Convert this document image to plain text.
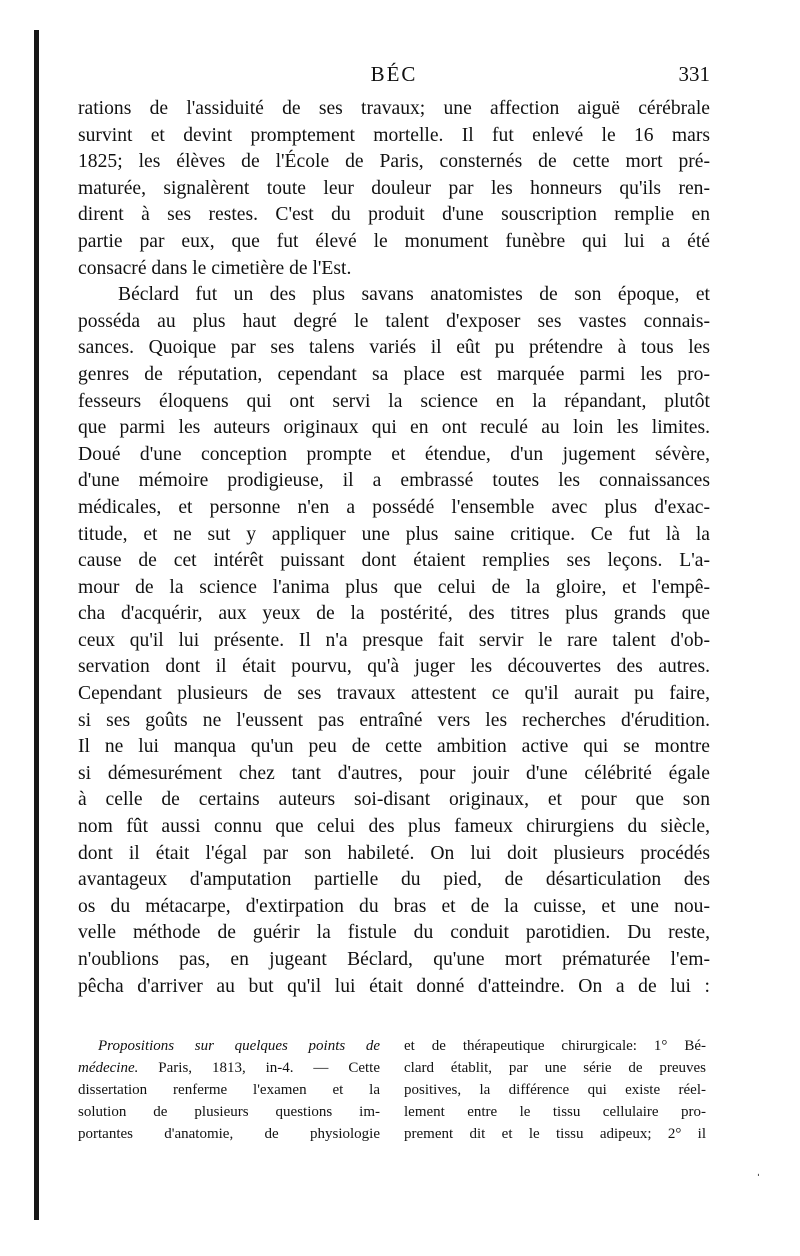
BÉC	331
rations de l'assiduité de ses travaux; une affection aiguë cérébrale
survint et devint promptement mortelle. Il fut enlevé le 16 mars
1825; les élèves de l'École de Paris, consternés de cette mort pré-
maturée, signalèrent toute leur douleur par les honneurs qu'ils ren-
dirent à ses restes. C'est du produit d'une souscription remplie en
partie par eux, que fut élevé le monument funèbre qui lui a été
consacré dans le cimetière de l'Est.
Béclard fut un des plus savans anatomistes de son époque, et
posséda au plus haut degré le talent d'exposer ses vastes connais-
sances. Quoique par ses talens variés il eût pu prétendre à tous les
genres de réputation, cependant sa place est marquée parmi les pro-
fesseurs éloquens qui ont servi la science en la répandant, plutôt
que parmi les auteurs originaux qui en ont reculé au loin les limites.
Doué d'une conception prompte et étendue, d'un jugement sévère,
d'une mémoire prodigieuse, il a embrassé toutes les connaissances
médicales, et personne n'en a possédé l'ensemble avec plus d'exac-
titude, et ne sut y appliquer une plus saine critique. Ce fut là la
cause de cet intérêt puissant dont étaient remplies ses leçons. L'a-
mour de la science l'anima plus que celui de la gloire, et l'empê-
cha d'acquérir, aux yeux de la postérité, des titres plus grands que
ceux qu'il lui présente. Il n'a presque fait servir le rare talent d'ob-
servation dont il était pourvu, qu'à juger les découvertes des autres.
Cependant plusieurs de ses travaux attestent ce qu'il aurait pu faire,
si ses goûts ne l'eussent pas entraîné vers les recherches d'érudition.
Il ne lui manqua qu'un peu de cette ambition active qui se montre
si démesurément chez tant d'autres, pour jouir d'une célébrité égale
à celle de certains auteurs soi-disant originaux, et pour que son
nom fût aussi connu que celui des plus fameux chirurgiens du siècle,
dont il était l'égal par son habileté. On lui doit plusieurs procédés
avantageux d'amputation partielle du pied, de désarticulation des
os du métacarpe, d'extirpation du bras et de la cuisse, et une nou-
velle méthode de guérir la fistule du conduit parotidien. Du reste,
n'oublions pas, en jugeant Béclard, qu'une mort prématurée l'em-
pêcha d'arriver au but qu'il lui était donné d'atteindre. On a de lui :
Propositions sur quelques points de
médecine. Paris, 1813, in-4. — Cette
dissertation renferme l'examen et la
solution de plusieurs questions im-
portantes d'anatomie, de physiologie
et de thérapeutique chirurgicale: 1° Bé-
clard établit, par une série de preuves
positives, la différence qui existe réel-
lement entre le tissu cellulaire pro-
prement dit et le tissu adipeux; 2° il
ˌ
